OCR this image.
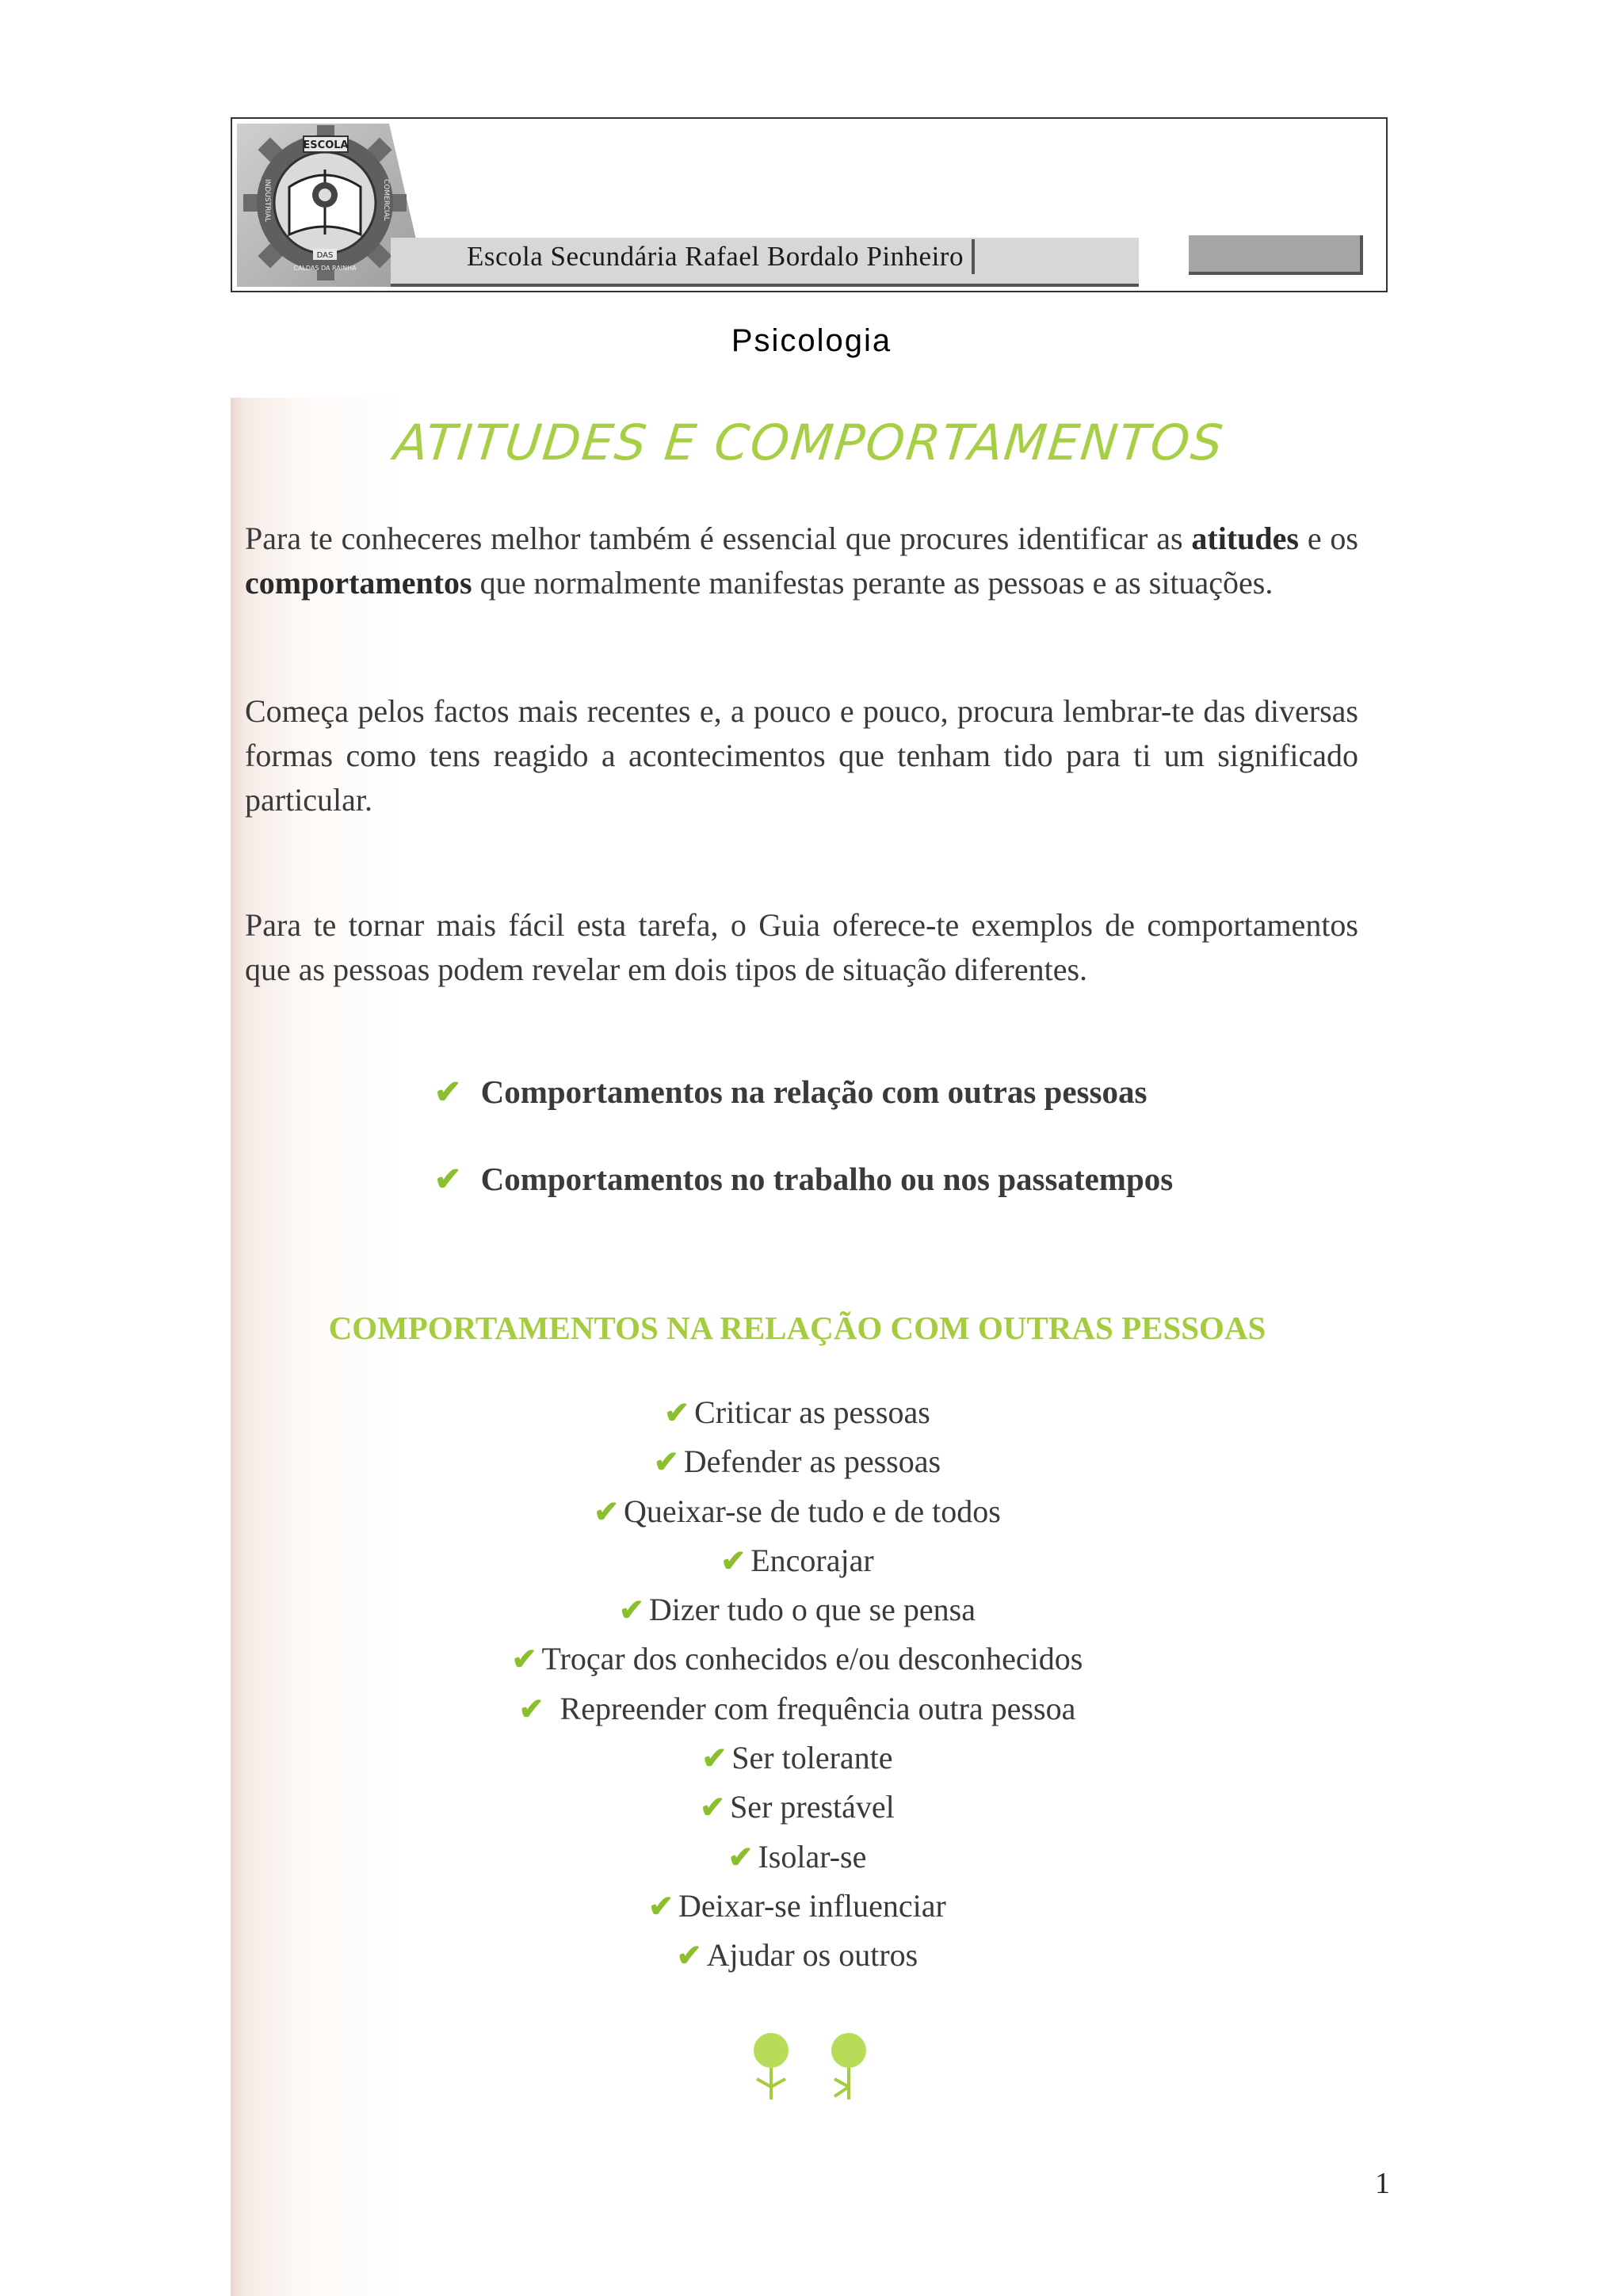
ESCOLA
INDUSTRIAL	COMERCIAL
DAS
CALDAS DA RAINHA	Escola Secundária Rafael Bordalo Pinheiro
Psicologia
ATITUDES E COMPORTAMENTOS
Para te conheceres melhor também é essencial que procures identificar as atitudes e os comportamentos que normalmente manifestas perante as pessoas e as situações.
Começa pelos factos mais recentes e, a pouco e pouco, procura lembrar-te das diversas formas como tens reagido a acontecimentos que tenham tido para ti um significado particular.
Para te tornar mais fácil esta tarefa, o Guia oferece-te exemplos de comportamentos que as pessoas podem revelar em dois tipos de situação diferentes.
✔ Comportamentos na relação com outras pessoas
✔ Comportamentos no trabalho ou nos passatempos
COMPORTAMENTOS NA RELAÇÃO COM OUTRAS PESSOAS
✔ Criticar as pessoas
✔ Defender as pessoas
✔ Queixar-se de tudo e de todos
✔ Encorajar
✔ Dizer tudo o que se pensa
✔ Troçar dos conhecidos e/ou desconhecidos
✔ Repreender com frequência outra pessoa
✔ Ser tolerante
✔ Ser prestável
✔ Isolar-se
✔ Deixar-se influenciar
✔ Ajudar os outros
1
